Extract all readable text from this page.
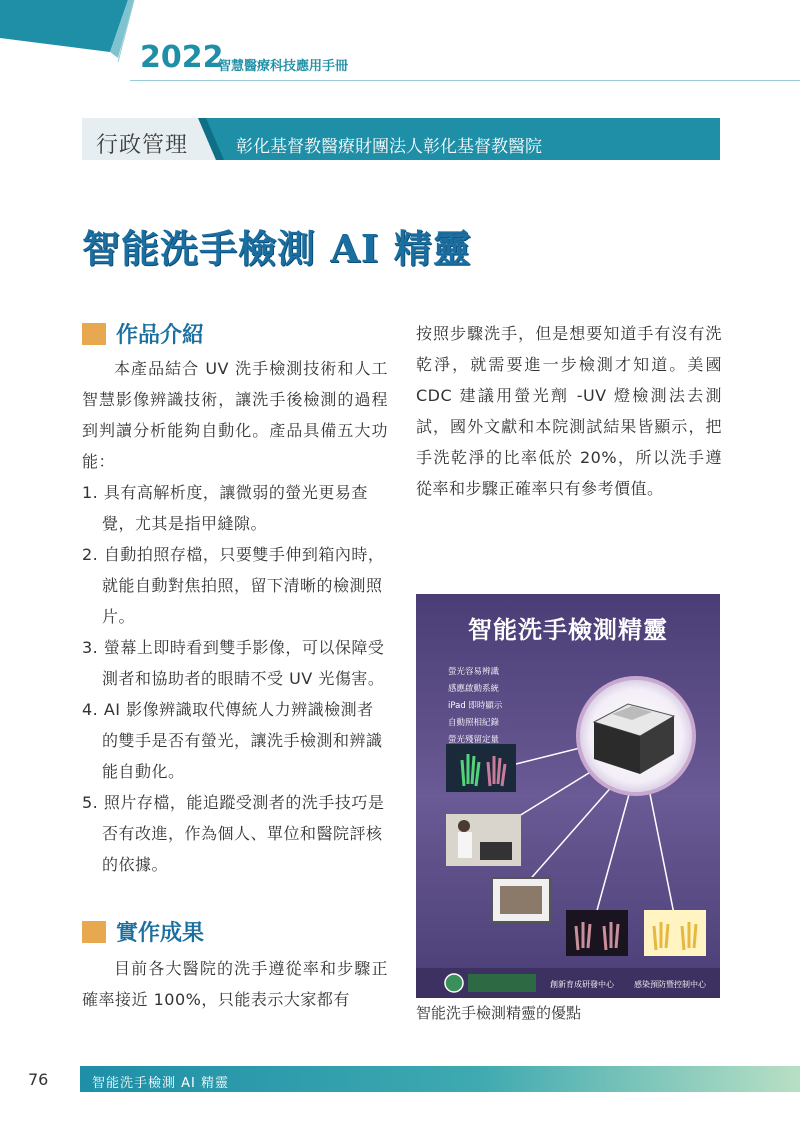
2022
智慧醫療科技應用手冊
行政管理	彰化基督教醫療財團法人彰化基督教醫院
智能洗手檢測 AI 精靈
作品介紹

本產品結合 UV 洗手檢測技術和人工智慧影像辨識技術，讓洗手後檢測的過程到判讀分析能夠自動化。產品具備五大功能：

1. 具有高解析度，讓微弱的螢光更易查覺，尤其是指甲縫隙。
2. 自動拍照存檔，只要雙手伸到箱內時，就能自動對焦拍照，留下清晰的檢測照片。
3. 螢幕上即時看到雙手影像，可以保障受測者和協助者的眼睛不受 UV 光傷害。
4. AI 影像辨識取代傳統人力辨識檢測者的雙手是否有螢光，讓洗手檢測和辨識能自動化。
5. 照片存檔，能追蹤受測者的洗手技巧是否有改進，作為個人、單位和醫院評核的依據。
實作成果

目前各大醫院的洗手遵從率和步驟正確率接近 100%，只能表示大家都有

按照步驟洗手，但是想要知道手有沒有洗乾淨，就需要進一步檢測才知道。美國 CDC 建議用螢光劑 -UV 燈檢測法去測試，國外文獻和本院測試結果皆顯示，把手洗乾淨的比率低於 20%，所以洗手遵從率和步驟正確率只有參考價值。

智能洗手檢測精靈
螢光容易辨識
感應啟動系統
iPad 即時顯示
自動照相紀錄
螢光殘留定量
創新育成研發中心	感染預防暨控制中心
智能洗手檢測精靈的優點
76	智能洗手檢測 AI 精靈
